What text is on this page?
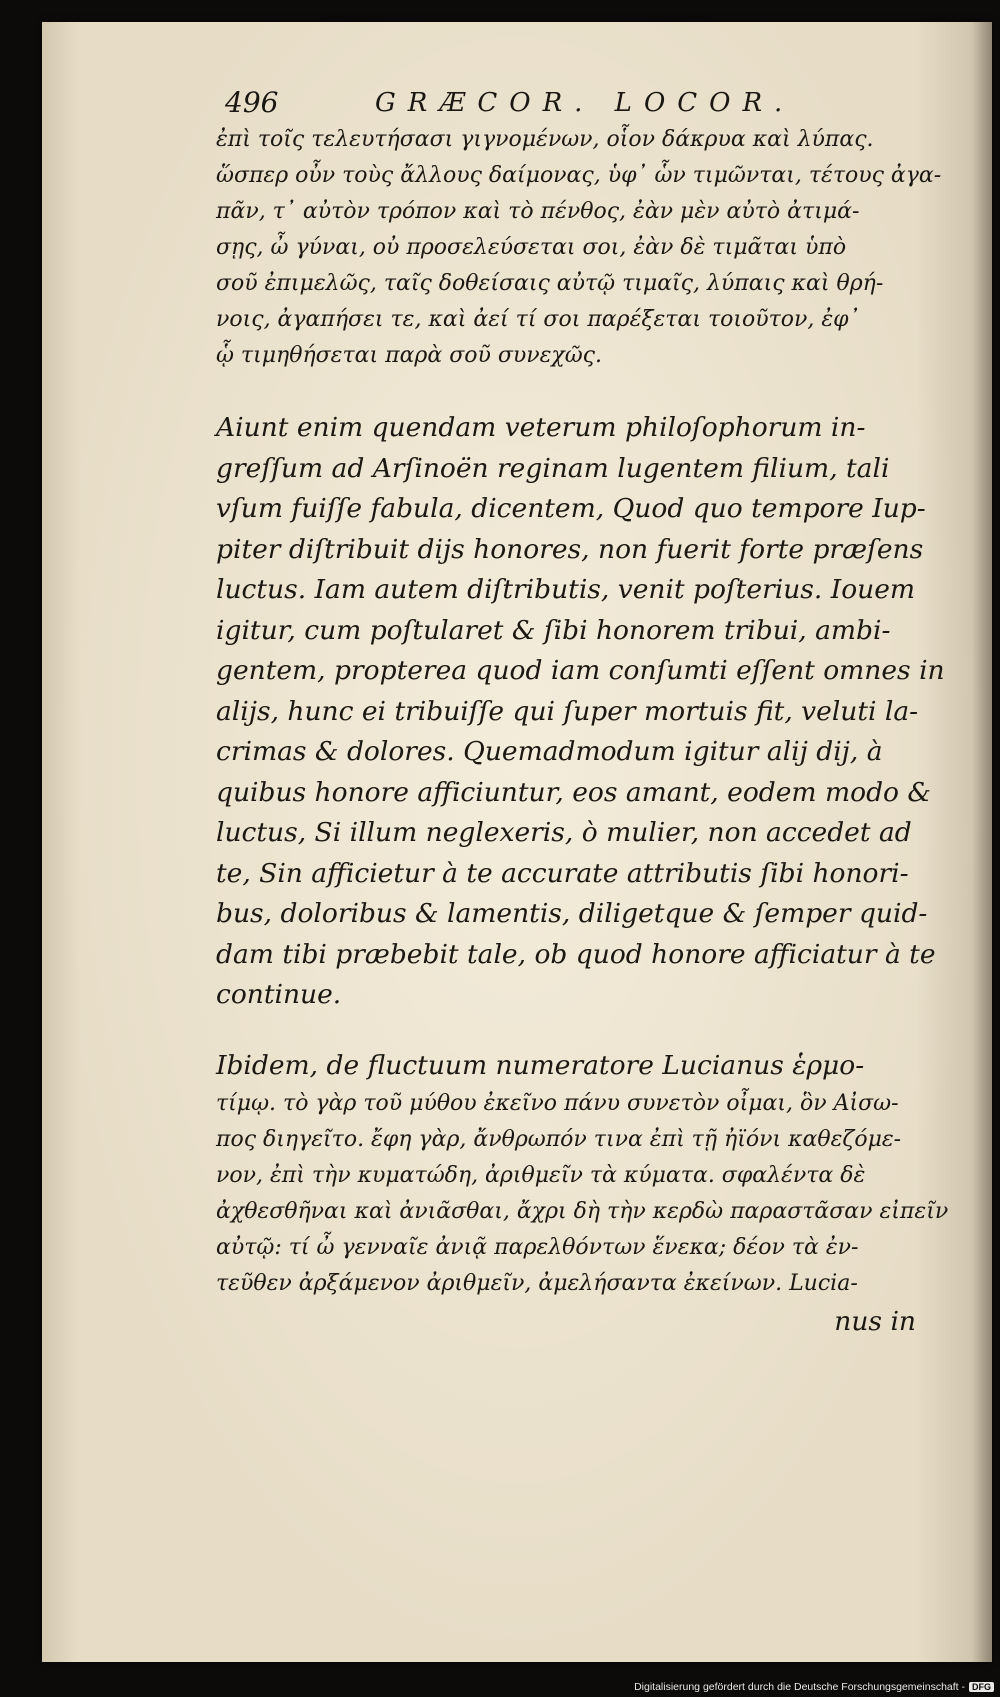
496	GRÆCOR. LOCOR.
ἐπὶ τοῖς τελευτήσασι γιγνομένων, οἷον δάκρυα καὶ λύπας.
ὥσπερ οὖν τοὺς ἄλλους δαίμονας, ὑφ᾽ ὧν τιμῶνται, τέτους ἀγα-
πᾶν, τ᾽ αὐτὸν τρόπον καὶ τὸ πένθος, ἐὰν μὲν αὐτὸ ἀτιμά-
σῃς, ὦ γύναι, οὐ προσελεύσεται σοι, ἐὰν δὲ τιμᾶται ὑπὸ
σοῦ ἐπιμελῶς, ταῖς δοθείσαις αὐτῷ τιμαῖς, λύπαις καὶ θρή-
νοις, ἀγαπήσει τε, καὶ ἀεί τί σοι παρέξεται τοιοῦτον, ἐφ᾽
ᾧ τιμηθήσεται παρὰ σοῦ συνεχῶς.
Aiunt enim quendam veterum philoſophorum in-
greſſum ad Arſinoën reginam lugentem filium, tali
vſum fuiſſe fabula, dicentem, Quod quo tempore Iup-
piter diſtribuit dijs honores, non fuerit forte præſens
luctus. Iam autem diſtributis, venit poſterius. Iouem
igitur, cum poſtularet & ſibi honorem tribui, ambi-
gentem, propterea quod iam conſumti eſſent omnes in
alijs, hunc ei tribuiſſe qui ſuper mortuis fit, veluti la-
crimas & dolores. Quemadmodum igitur alij dij, à
quibus honore afficiuntur, eos amant, eodem modo &
luctus, Si illum neglexeris, ò mulier, non accedet ad
te, Sin afficietur à te accurate attributis ſibi honori-
bus, doloribus & lamentis, diligetque & ſemper quid-
dam tibi præbebit tale, ob quod honore afficiatur à te
continue.
Ibidem, de fluctuum numeratore Lucianus ἑρμο-
τίμῳ. τὸ γὰρ τοῦ μύθου ἐκεῖνο πάνυ συνετὸν οἶμαι, ὃν Αἰσω-
πος διηγεῖτο. ἔφη γὰρ, ἄνθρωπόν τινα ἐπὶ τῇ ἠϊόνι καθεζόμε-
νον, ἐπὶ τὴν κυματώδη, ἀριθμεῖν τὰ κύματα. σφαλέντα δὲ
ἀχθεσθῆναι καὶ ἀνιᾶσθαι, ἄχρι δὴ τὴν κερδὼ παραστᾶσαν εἰπεῖν
αὐτῷ: τί ὦ γενναῖε ἀνιᾷ παρελθόντων ἕνεκα; δέον τὰ ἐν-
τεῦθεν ἀρξάμενον ἀριθμεῖν, ἀμελήσαντα ἐκείνων. Lucia-
nus in
Digitalisierung gefördert durch die Deutsche Forschungsgemeinschaft - DFG
